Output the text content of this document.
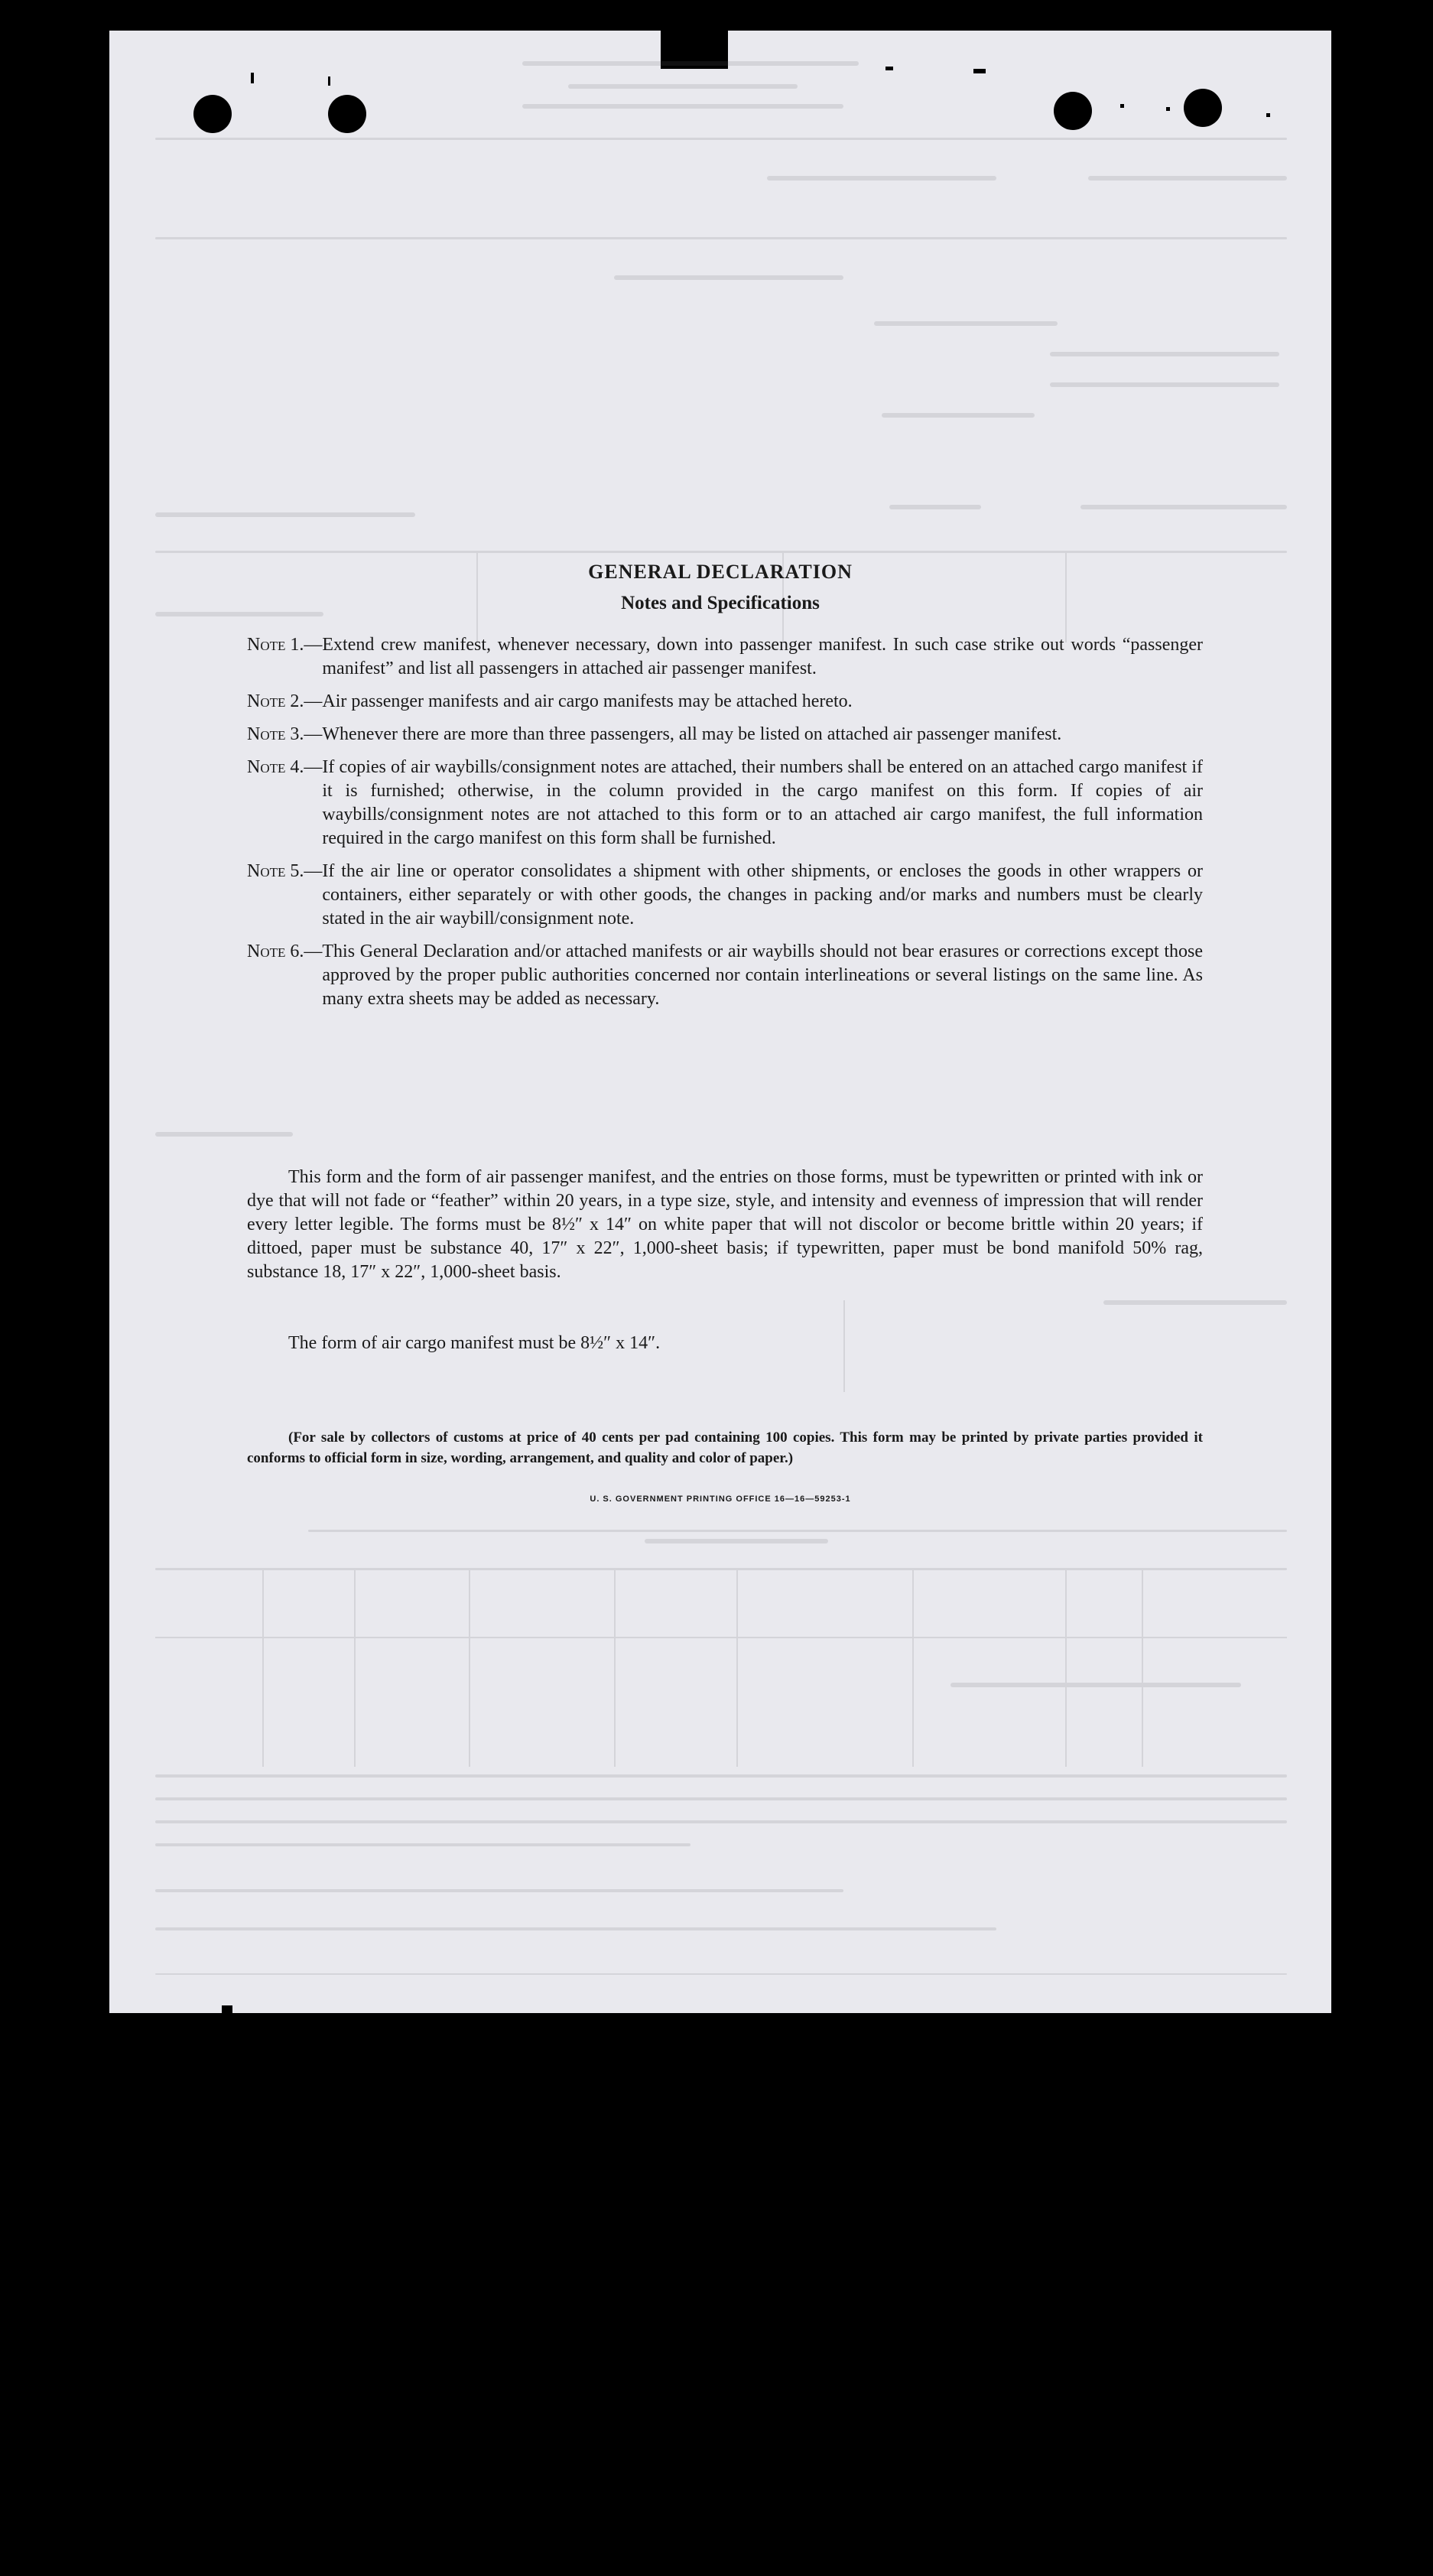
GENERAL DECLARATION
Notes and Specifications
Note 1.— Extend crew manifest, whenever necessary, down into passenger manifest. In such case strike out words “passenger manifest” and list all passengers in attached air passenger manifest.
Note 2.— Air passenger manifests and air cargo manifests may be attached hereto.
Note 3.— Whenever there are more than three passengers, all may be listed on attached air passenger manifest.
Note 4.— If copies of air waybills/consignment notes are attached, their numbers shall be entered on an attached cargo manifest if it is furnished; otherwise, in the column provided in the cargo manifest on this form. If copies of air waybills/consignment notes are not attached to this form or to an attached air cargo manifest, the full information required in the cargo manifest on this form shall be furnished.
Note 5.— If the air line or operator consolidates a shipment with other shipments, or encloses the goods in other wrappers or containers, either separately or with other goods, the changes in packing and/or marks and numbers must be clearly stated in the air waybill/consignment note.
Note 6.— This General Declaration and/or attached manifests or air waybills should not bear erasures or corrections except those approved by the proper public authorities concerned nor contain interlineations or several listings on the same line. As many extra sheets may be added as necessary.
This form and the form of air passenger manifest, and the entries on those forms, must be typewritten or printed with ink or dye that will not fade or “feather” within 20 years, in a type size, style, and intensity and evenness of impression that will render every letter legible. The forms must be 8½″ x 14″ on white paper that will not discolor or become brittle within 20 years; if dittoed, paper must be substance 40, 17″ x 22″, 1,000-sheet basis; if typewritten, paper must be bond manifold 50% rag, substance 18, 17″ x 22″, 1,000-sheet basis.
The form of air cargo manifest must be 8½″ x 14″.
(For sale by collectors of customs at price of 40 cents per pad containing 100 copies. This form may be printed by private parties provided it conforms to official form in size, wording, arrangement, and quality and color of paper.)
U. S. GOVERNMENT PRINTING OFFICE 16—16—59253-1
